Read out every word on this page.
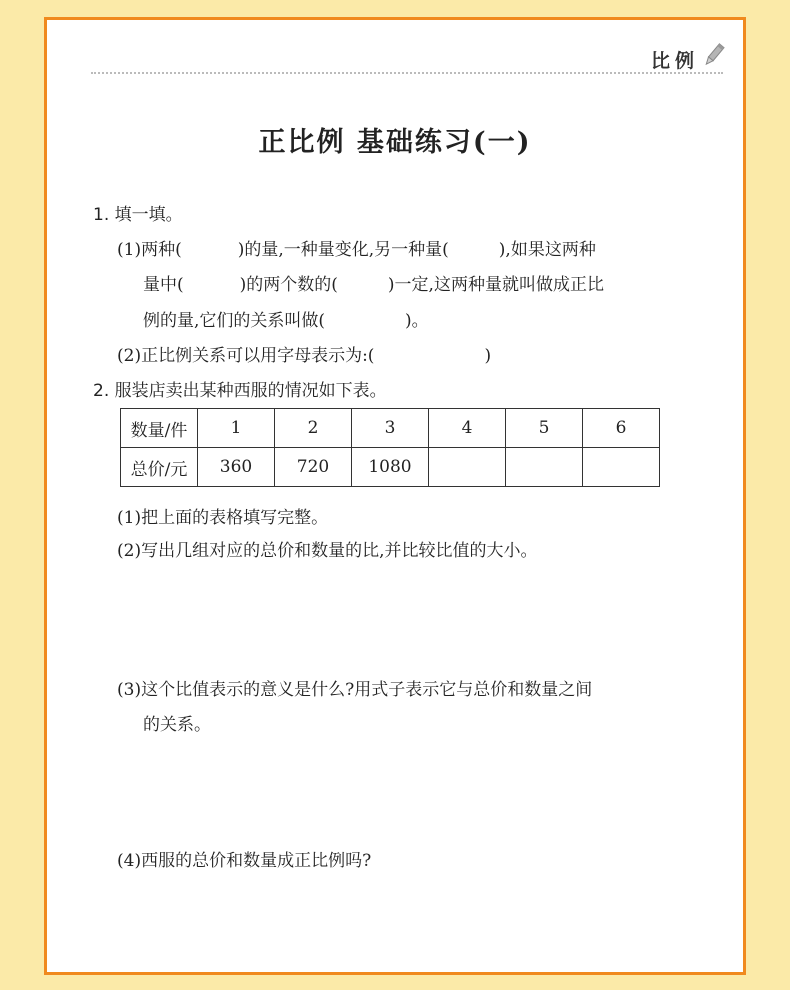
比例
正比例 基础练习(一)
1. 填一填。
(1)两种(	)的量,一种量变化,另一种量(	),如果这两种
量中(	)的两个数的(	)一定,这两种量就叫做成正比
例的量,它们的关系叫做(	)。
(2)正比例关系可以用字母表示为:(	)
2. 服装店卖出某种西服的情况如下表。
数量/件	1	2	3	4	5	6
总价/元	360	720	1080			
(1)把上面的表格填写完整。
(2)写出几组对应的总价和数量的比,并比较比值的大小。
(3)这个比值表示的意义是什么?用式子表示它与总价和数量之间
的关系。
(4)西服的总价和数量成正比例吗?
